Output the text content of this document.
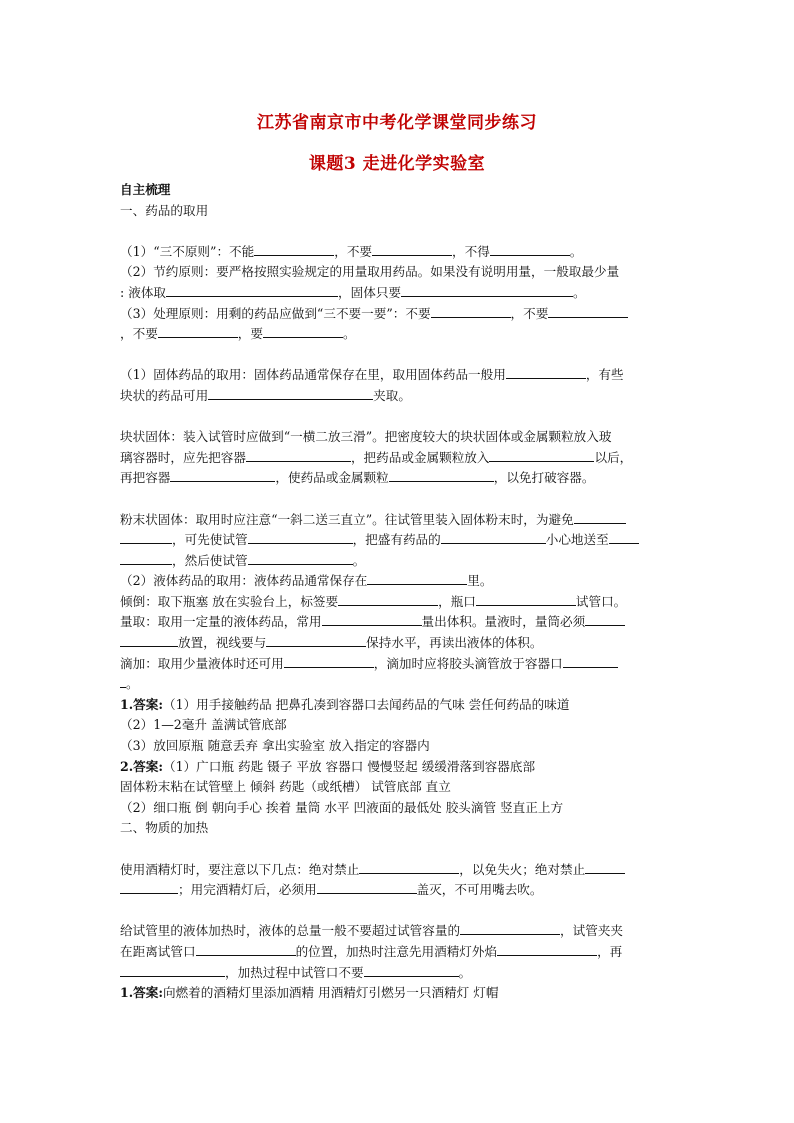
江苏省南京市中考化学课堂同步练习
课题3 走进化学实验室

自主梳理

一、药品的取用

（1）“三不原则”：不能	，不要	，不得	。

（2）节约原则：要严格按照实验规定的用量取用药品。如果没有说明用量，一般取最少量

: 液体取	，固体只要	。

（3）处理原则：用剩的药品应做到“三不要一要”：不要	，不要

，不要	，要	。

（1）固体药品的取用：固体药品通常保存在里，取用固体药品一般用	，有些

块状的药品可用	夹取。

块状固体：装入试管时应做到“一横二放三滑”。把密度较大的块状固体或金属颗粒放入玻

璃容器时，应先把容器	，把药品或金属颗粒放入	以后，

再把容器	，使药品或金属颗粒	，以免打破容器。

粉末状固体：取用时应注意“一斜二送三直立”。往试管里装入固体粉末时，为避免

，可先使试管	，把盛有药品的	小心地送至

，然后使试管	。

（2）液体药品的取用：液体药品通常保存在	里。

倾倒：取下瓶塞 放在实验台上，标签要	，瓶口	试管口。

量取：取用一定量的液体药品，常用	量出体积。量液时，量筒必须

放置，视线要与	保持水平，再读出液体的体积。

滴加：取用少量液体时还可用	，滴加时应将胶头滴管放于容器口

。

1.答案:（1）用手接触药品 把鼻孔凑到容器口去闻药品的气味 尝任何药品的味道

（2）1—2毫升 盖满试管底部

（3）放回原瓶 随意丢弃 拿出实验室 放入指定的容器内

2.答案:（1）广口瓶 药匙 镊子 平放 容器口 慢慢竖起 缓缓滑落到容器底部

固体粉末粘在试管壁上 倾斜 药匙（或纸槽） 试管底部 直立

（2）细口瓶 倒 朝向手心 挨着 量筒 水平 凹液面的最低处 胶头滴管 竖直正上方

二、物质的加热

使用酒精灯时，要注意以下几点：绝对禁止	，以免失火；绝对禁止

；用完酒精灯后，必须用	盖灭，不可用嘴去吹。

给试管里的液体加热时，液体的总量一般不要超过试管容量的	，试管夹夹

在距离试管口	的位置，加热时注意先用酒精灯外焰	，再

，加热过程中试管口不要	。

1.答案:向燃着的酒精灯里添加酒精 用酒精灯引燃另一只酒精灯 灯帽
